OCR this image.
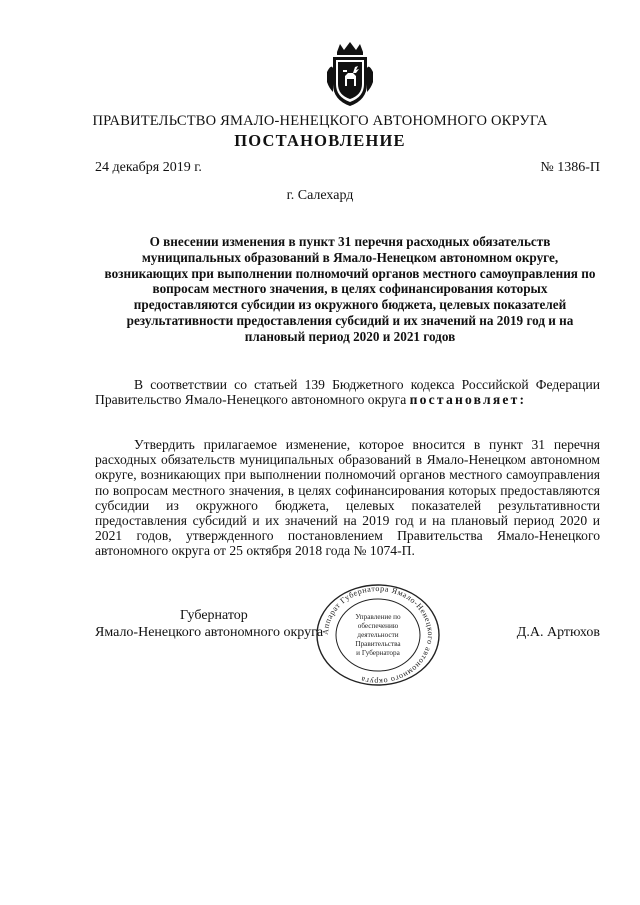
ПРАВИТЕЛЬСТВО ЯМАЛО-НЕНЕЦКОГО АВТОНОМНОГО ОКРУГА
ПОСТАНОВЛЕНИЕ
24 декабря 2019 г.	№ 1386-П
г. Салехард
О внесении изменения в пункт 31 перечня расходных обязательств муниципальных образований в Ямало-Ненецком автономном округе, возникающих при выполнении полномочий органов местного самоуправления по вопросам местного значения, в целях софинансирования которых предоставляются субсидии из окружного бюджета, целевых показателей результативности предоставления субсидий и их значений на 2019 год и на плановый период 2020 и 2021 годов
В соответствии со статьей 139 Бюджетного кодекса Российской Федерации Правительство Ямало-Ненецкого автономного округа постановляет:
Утвердить прилагаемое изменение, которое вносится в пункт 31 перечня расходных обязательств муниципальных образований в Ямало-Ненецком автономном округе, возникающих при выполнении полномочий органов местного самоуправления по вопросам местного значения, в целях софинансирования которых предоставляются субсидии из окружного бюджета, целевых показателей результативности предоставления субсидий и их значений на 2019 год и на плановый период 2020 и 2021 годов, утвержденного постановлением Правительства Ямало-Ненецкого автономного округа от 25 октября 2018 года № 1074-П.
Губернатор
Ямало-Ненецкого автономного округа	Д.А. Артюхов
Аппарат Губернатора Ямало-Ненецкого автономного округа
Управление по
обеспечению
деятельности
Правительства
и Губернатора
